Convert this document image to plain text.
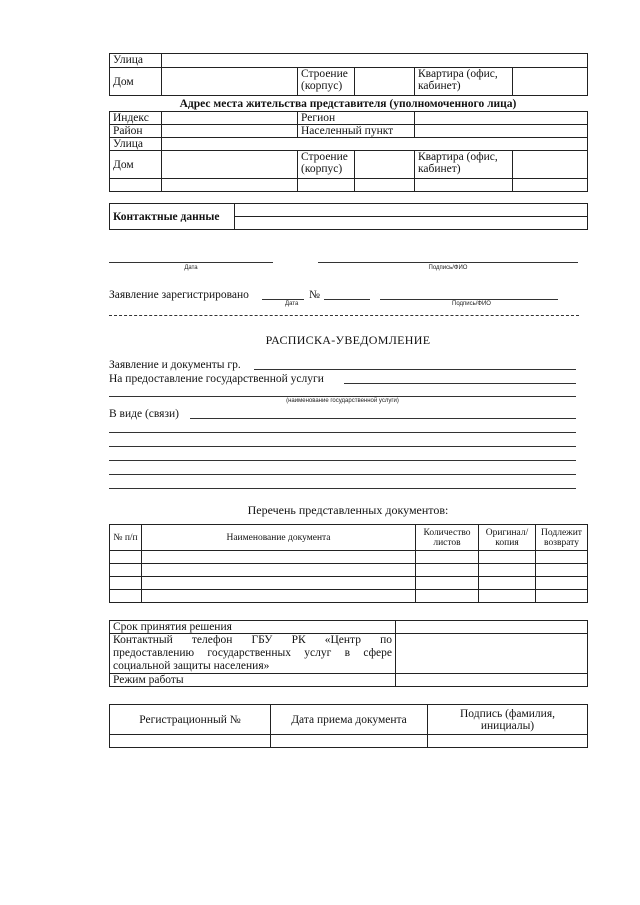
Улица					
Дом		Строение (корпус)		Квартира (офис, кабинет)	
Адрес места жительства представителя (уполномоченного лица)
Индекс		Регион			
Район		Населенный пункт			
Улица					
Дом		Строение (корпус)		Квартира (офис, кабинет)	

Контактные данные	

Дата	Подпись/ФИО
Заявление зарегистрировано	№
Дата	Подпись/ФИО
РАСПИСКА-УВЕДОМЛЕНИЕ
Заявление и документы гр.
На предоставление государственной услуги
(наименование государственной услуги)
В виде (связи)
Перечень представленных документов:
№ п/п	Наименование документа	Количество листов	Оригинал/ копия	Подлежит возврату

Срок принятия решения	
Контактный телефон ГБУ РК «Центр по предоставлению государственных услуг в сфере социальной защиты населения»	
Режим работы	
Регистрационный №	Дата приема документа	Подпись (фамилия, инициалы)
